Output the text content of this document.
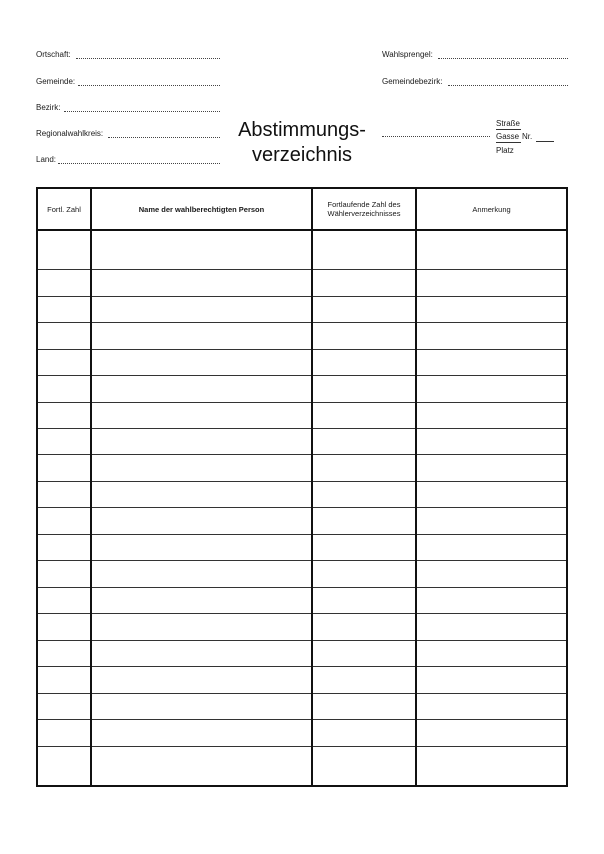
Ortschaft:
Gemeinde:
Bezirk:
Regionalwahlkreis:
Land:
Wahlsprengel:
Gemeindebezirk:
Abstimmungs-
verzeichnis
Straße
Gasse Nr.
Platz
Fortl. Zahl	Name der wahlberechtigten Person	Fortlaufende Zahl des Wählerverzeichnisses	Anmerkung
